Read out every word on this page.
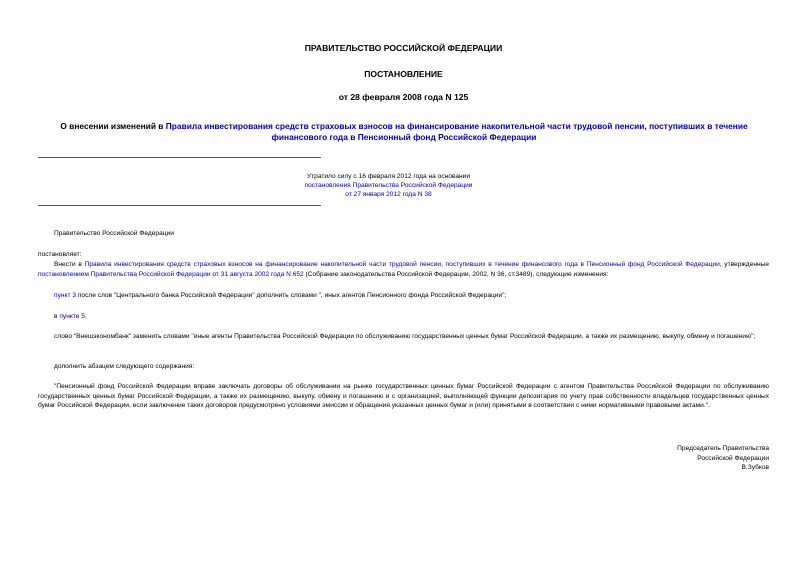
ПРАВИТЕЛЬСТВО РОССИЙСКОЙ ФЕДЕРАЦИИ
ПОСТАНОВЛЕНИЕ
от 28 февраля 2008 года N 125
О внесении изменений в Правила инвестирования средств страховых взносов на финансирование накопительной части трудовой пенсии, поступивших в течение финансового года в Пенсионный фонд Российской Федерации
Утратило силу с 16 февраля 2012 года на основании
постановления Правительства Российской Федерации
от 27 января 2012 года N 38
Правительство Российской Федерации
постановляет:
Внести в Правила инвестирования средств страховых взносов на финансирование накопительной части трудовой пенсии, поступивших в течение финансового года в Пенсионный фонд Российской Федерации, утвержденные постановлением Правительства Российской Федерации от 31 августа 2002 года N 652 (Собрание законодательства Российской Федерации, 2002, N 36, ст.3489), следующие изменения:
пункт 3 после слов "Центрального банка Российской Федерации" дополнить словами ", иных агентов Пенсионного фонда Российской Федерации";
в пункте 5:
слово "Внешэкономбанк" заменить словами "иные агенты Правительства Российской Федерации по обслуживанию государственных ценных бумаг Российской Федерации, а также их размещению, выкупу, обмену и погашению";
дополнить абзацем следующего содержания:
"Пенсионный фонд Российской Федерации вправе заключать договоры об обслуживании на рынке государственных ценных бумаг Российской Федерации с агентом Правительства Российской Федерации по обслуживанию государственных ценных бумаг Российской Федерации, а также их размещению, выкупу, обмену и погашению и с организацией, выполняющей функции депозитария по учету прав собственности владельцев государственных ценных бумаг Российской Федерации, если заключение таких договоров предусмотрено условиями эмиссии и обращения указанных ценных бумаг и (или) принятыми в соответствии с ними нормативными правовыми актами.".
Председатель Правительства
Российской Федерации
В.Зубков
